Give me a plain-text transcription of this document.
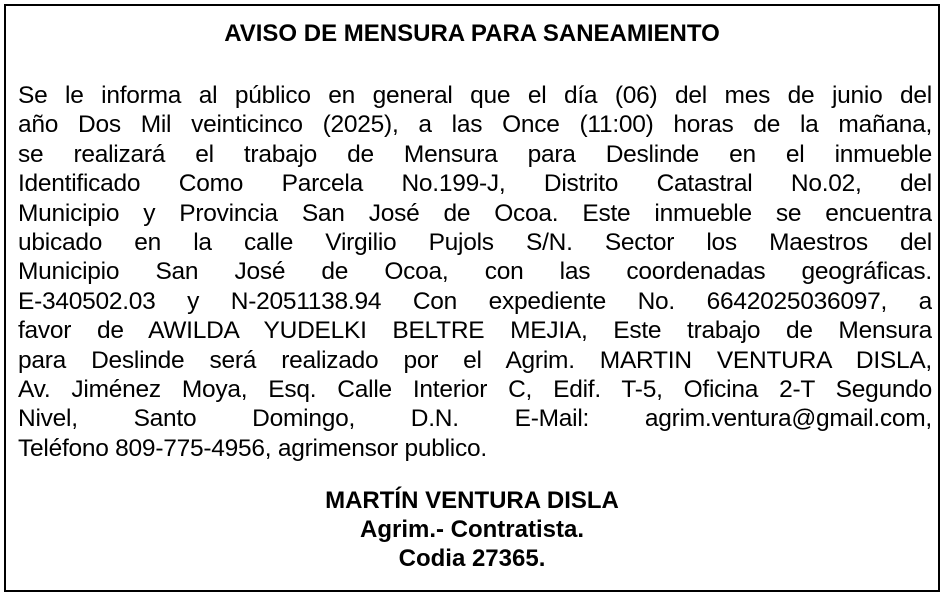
AVISO DE MENSURA PARA SANEAMIENTO
Se le informa al público en general que el día (06) del mes de junio del
año Dos Mil veinticinco (2025), a las Once (11:00) horas de la mañana,
se realizará el trabajo de Mensura para Deslinde en el inmueble
Identificado Como Parcela No.199-J, Distrito Catastral No.02, del
Municipio y Provincia San José de Ocoa. Este inmueble se encuentra
ubicado en la calle Virgilio Pujols S/N. Sector los Maestros del
Municipio San José de Ocoa, con las coordenadas geográficas.
E-340502.03 y N-2051138.94 Con expediente No. 6642025036097, a
favor de AWILDA YUDELKI BELTRE MEJIA, Este trabajo de Mensura
para Deslinde será realizado por el Agrim. MARTIN VENTURA DISLA,
Av. Jiménez Moya, Esq. Calle Interior C, Edif. T-5, Oficina 2-T Segundo
Nivel, Santo Domingo, D.N. E-Mail: agrim.ventura@gmail.com,
Teléfono 809-775-4956, agrimensor publico.
MARTÍN VENTURA DISLA
Agrim.- Contratista.
Codia 27365.
